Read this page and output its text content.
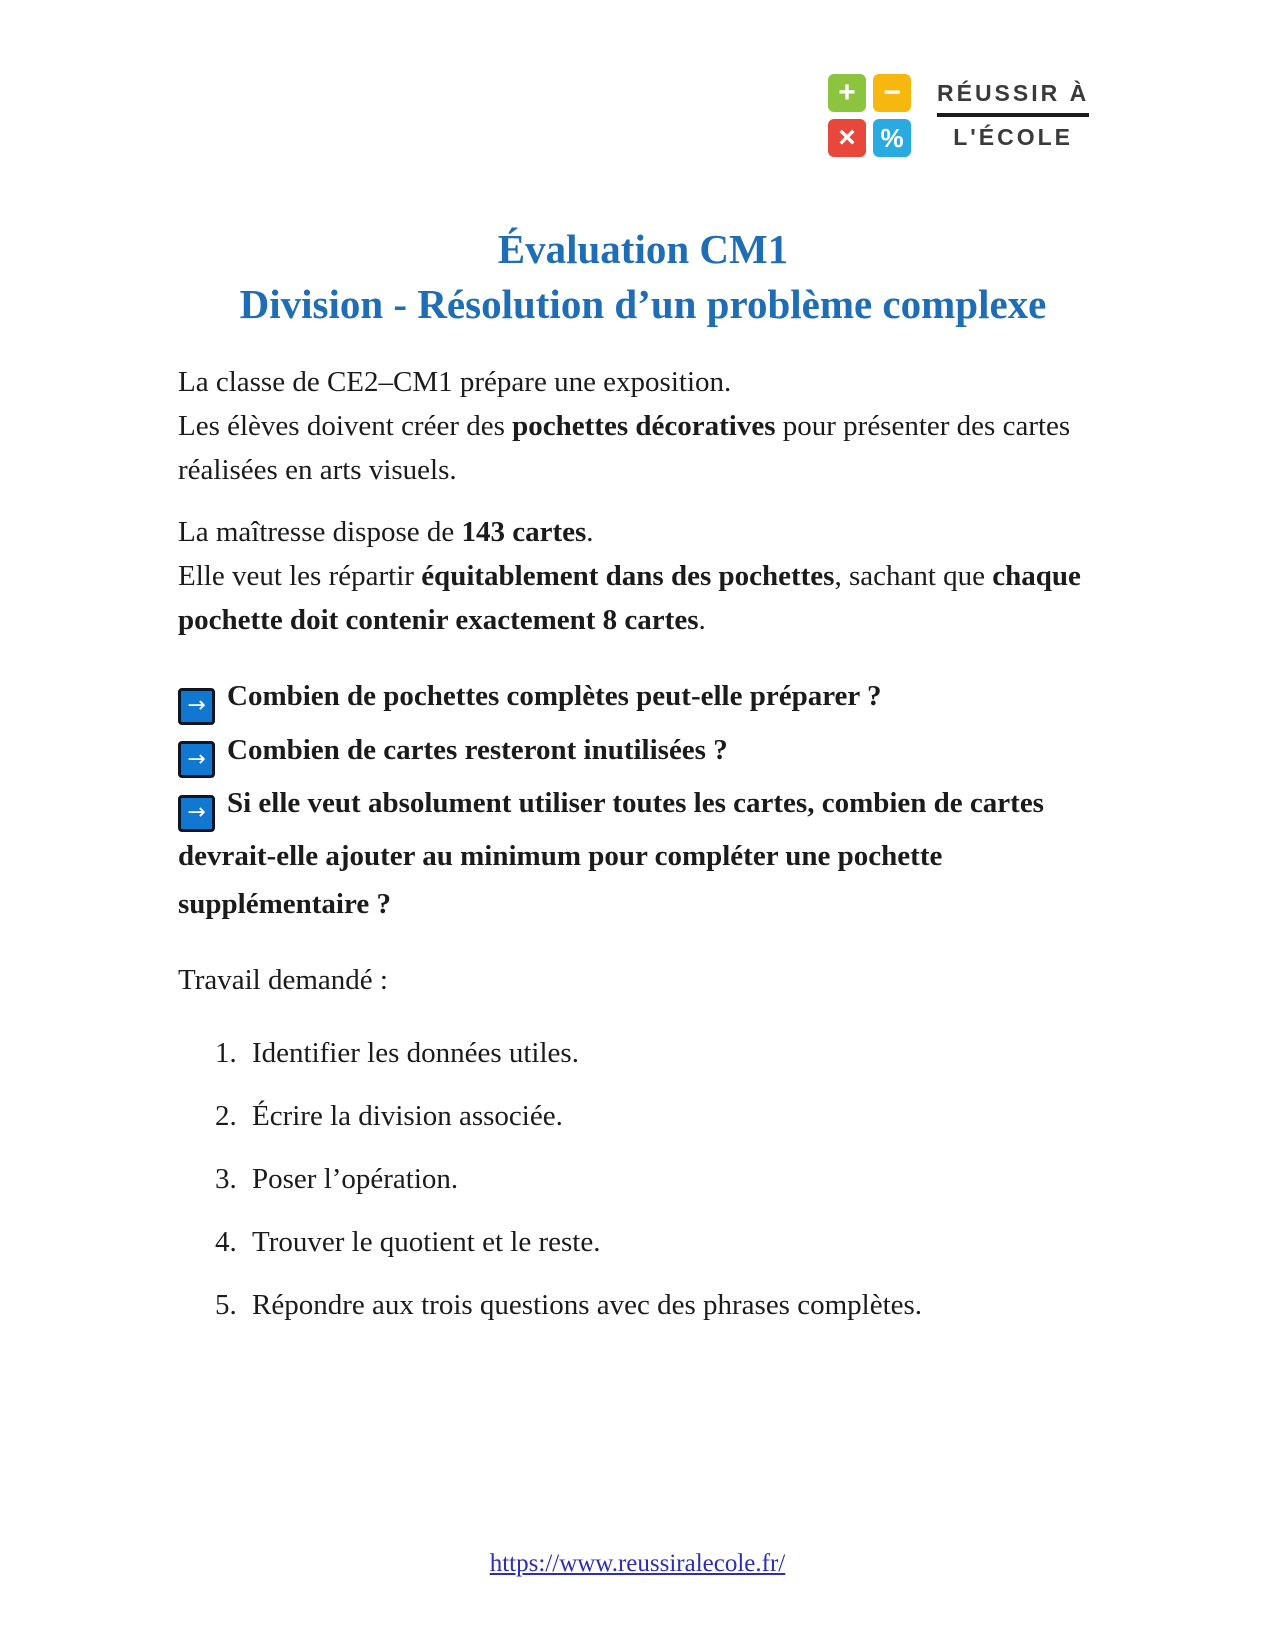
+ −
× %
RÉUSSIR À
L'ÉCOLE
Évaluation CM1
Division - Résolution d’un problème complexe

La classe de CE2–CM1 prépare une exposition.
Les élèves doivent créer des pochettes décoratives pour présenter des cartes réalisées en arts visuels.

La maîtresse dispose de 143 cartes.
Elle veut les répartir équitablement dans des pochettes, sachant que chaque pochette doit contenir exactement 8 cartes.

→ Combien de pochettes complètes peut-elle préparer ?

→ Combien de cartes resteront inutilisées ?

→ Si elle veut absolument utiliser toutes les cartes, combien de cartes devrait-elle ajouter au minimum pour compléter une pochette supplémentaire ?

Travail demandé :

1. Identifier les données utiles.
2. Écrire la division associée.
3. Poser l’opération.
4. Trouver le quotient et le reste.
5. Répondre aux trois questions avec des phrases complètes.
https://www.reussiralecole.fr/
